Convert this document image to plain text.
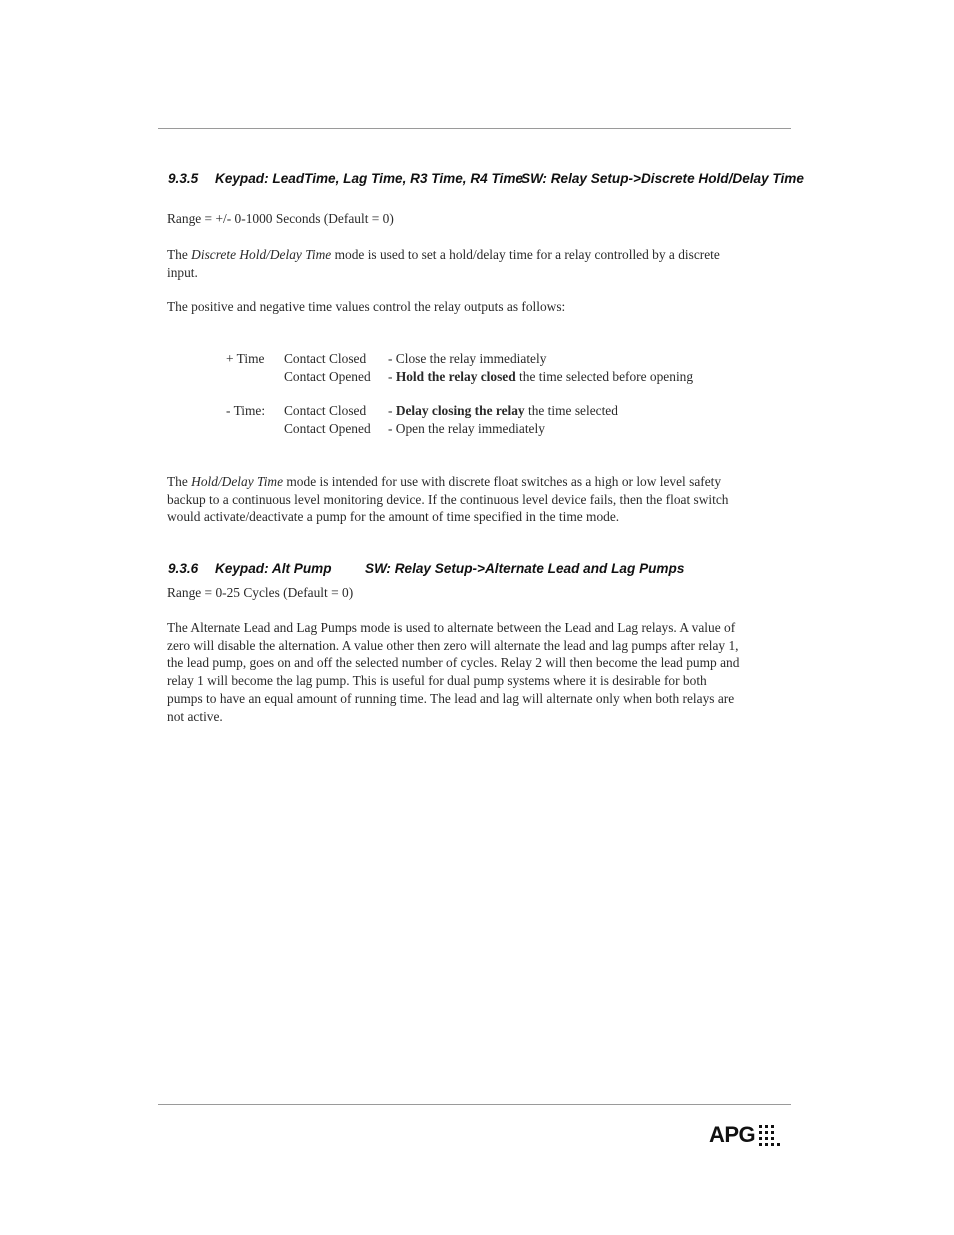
9.3.5 Keypad: LeadTime, Lag Time, R3 Time, R4 Time
SW: Relay Setup->Discrete Hold/Delay Time
Range = +/- 0-1000 Seconds (Default = 0)
The Discrete Hold/Delay Time mode is used to set a hold/delay time for a relay controlled by a discrete
input.
The positive and negative time values control the relay outputs as follows:
+ Time Contact Closed - Close the relay immediately
Contact Opened - Hold the relay closed the time selected before opening
- Time: Contact Closed - Delay closing the relay the time selected
Contact Opened - Open the relay immediately
The Hold/Delay Time mode is intended for use with discrete float switches as a high or low level safety
backup to a continuous level monitoring device. If the continuous level device fails, then the float switch
would activate/deactivate a pump for the amount of time specified in the time mode.
9.3.6 Keypad: Alt Pump SW: Relay Setup->Alternate Lead and Lag Pumps
Range = 0-25 Cycles (Default = 0)
The Alternate Lead and Lag Pumps mode is used to alternate between the Lead and Lag relays. A value of
zero will disable the alternation. A value other then zero will alternate the lead and lag pumps after relay 1,
the lead pump, goes on and off the selected number of cycles. Relay 2 will then become the lead pump and
relay 1 will become the lag pump. This is useful for dual pump systems where it is desirable for both
pumps to have an equal amount of running time. The lead and lag will alternate only when both relays are
not active.
APG
